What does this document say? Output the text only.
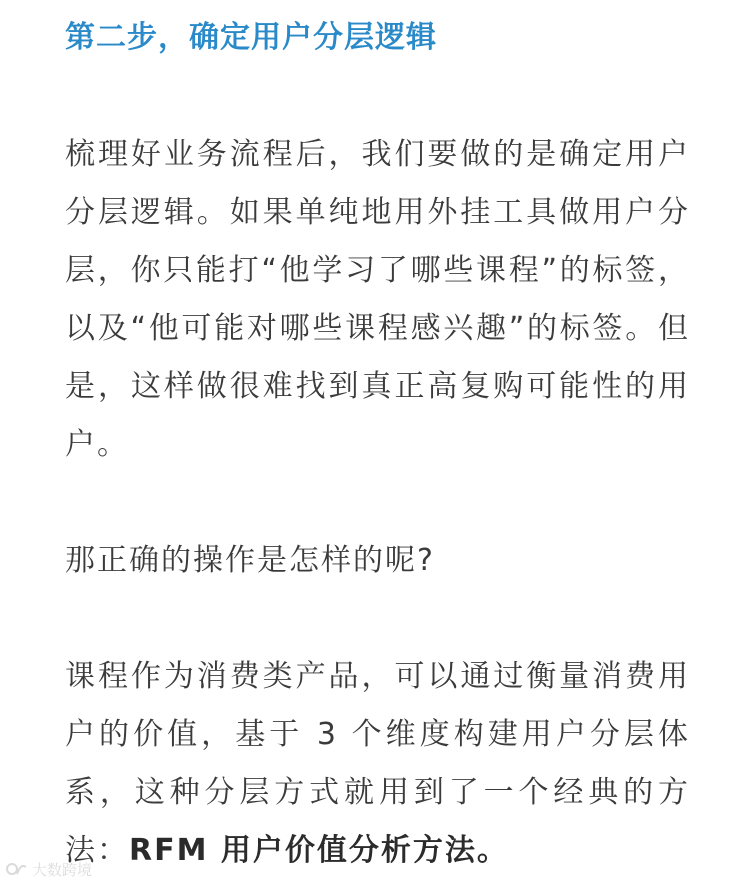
第二步，确定用户分层逻辑
梳理好业务流程后，我们要做的是确定用户分层逻辑。如果单纯地用外挂工具做用户分层，你只能打“他学习了哪些课程”的标签，以及“他可能对哪些课程感兴趣”的标签。但是，这样做很难找到真正高复购可能性的用户。
那正确的操作是怎样的呢?
课程作为消费类产品，可以通过衡量消费用户的价值，基于 3 个维度构建用户分层体系，这种分层方式就用到了一个经典的方法：RFM 用户价值分析方法。
大数跨境
